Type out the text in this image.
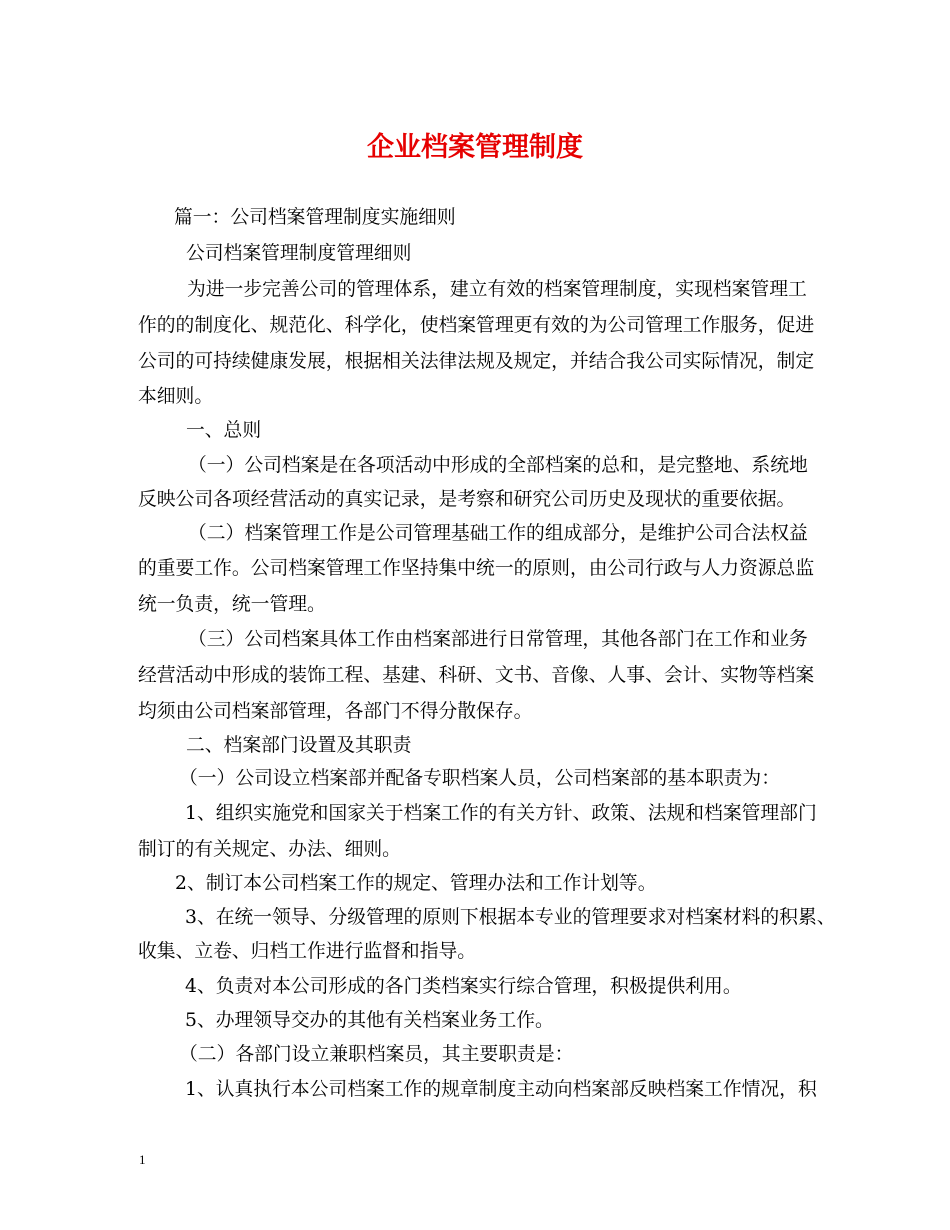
企业档案管理制度
篇一：公司档案管理制度实施细则
公司档案管理制度管理细则
为进一步完善公司的管理体系，建立有效的档案管理制度，实现档案管理工
作的的制度化、规范化、科学化，使档案管理更有效的为公司管理工作服务，促进
公司的可持续健康发展，根据相关法律法规及规定，并结合我公司实际情况，制定
本细则。
一、总则
（一）公司档案是在各项活动中形成的全部档案的总和，是完整地、系统地
反映公司各项经营活动的真实记录，是考察和研究公司历史及现状的重要依据。
（二）档案管理工作是公司管理基础工作的组成部分，是维护公司合法权益
的重要工作。公司档案管理工作坚持集中统一的原则，由公司行政与人力资源总监
统一负责，统一管理。
（三）公司档案具体工作由档案部进行日常管理，其他各部门在工作和业务
经营活动中形成的装饰工程、基建、科研、文书、音像、人事、会计、实物等档案
均须由公司档案部管理，各部门不得分散保存。
二、档案部门设置及其职责
（一）公司设立档案部并配备专职档案人员，公司档案部的基本职责为：
1、组织实施党和国家关于档案工作的有关方针、政策、法规和档案管理部门
制订的有关规定、办法、细则。
2、制订本公司档案工作的规定、管理办法和工作计划等。
3、在统一领导、分级管理的原则下根据本专业的管理要求对档案材料的积累、
收集、立卷、归档工作进行监督和指导。
4、负责对本公司形成的各门类档案实行综合管理，积极提供利用。
5、办理领导交办的其他有关档案业务工作。
（二）各部门设立兼职档案员，其主要职责是：
1、认真执行本公司档案工作的规章制度主动向档案部反映档案工作情况，积
1
